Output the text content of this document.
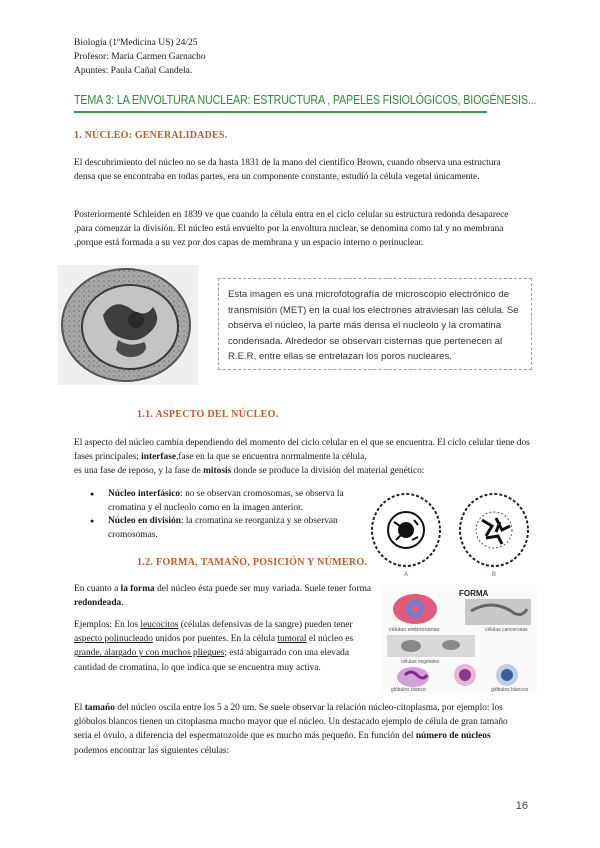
Biología (1ºMedicina US) 24/25
Profesor: María Carmen Garnacho
Apuntes: Paula Cañal Candela.
TEMA 3: LA ENVOLTURA NUCLEAR: ESTRUCTURA , PAPELES FISIOLÓGICOS, BIOGÉNESIS...
1. NÚCLEO: GENERALIDADES.
El descubrimiento del núcleo no se da hasta 1831 de la mano del científico Brown, cuando observa una estructura densa que se encontraba en todas partes, era un componente constante, estudió la célula vegetal únicamente.
Posteriormente Schleiden en 1839 ve que cuando la célula entra en el ciclo celular su estructura redonda desaparece ,para comenzar la división. El núcleo está envuelto por la envoltura nuclear, se denomina como tal y no membrana ,porque está formada a su vez por dos capas de membrana y un espacio interno o perinuclear.
Esta imagen es una microfotografía de microscopio electrónico de transmisión (MET) en la cual los electrones atraviesan las célula. Se observa el núcleo, la parte más densa el nucleolo y la cromatina condensada. Alrededor se observan cisternas que pertenecen al R.E.R, entre ellas se entrelazan los poros nucleares.
1.1. ASPECTO DEL NÚCLEO.
El aspecto del núcleo cambia dependiendo del momento del ciclo celular en el que se encuentra. El ciclo celular tiene dos fases principales; interfase,fase en la que se encuentra normalmente la célula,
es una fase de reposo, y la fase de mitosis donde se produce la división del material genético:
● Núcleo interfásico: no se observan cromosomas, se observa la cromatina y el nucleolo como en la imagen anterior.
● Núcleo en división: la cromatina se reorganiza y se observan cromosomas.
A	B
1.2. FORMA, TAMAÑO, POSICIÓN Y NÚMERO.
En cuanto a la forma del núcleo ésta puede ser muy variada. Suele tener forma redondeada.
Ejemplos: En los leucocitos (células defensivas de la sangre) pueden tener aspecto polinucleado unidos por puentes. En la célula tumoral el núcleo es grande, alargado y con muchos pliegues; está abigarrado con una elevada cantidad de cromatina, lo que indica que se encuentra muy activa.
FORMA
células embrionarias	células cancerosas
células vegetales
glóbulos blanco	glóbulos blancos
El tamaño del núcleo oscila entre los 5 a 20 um. Se suele observar la relación núcleo-citoplasma, por ejemplo: los glóbulos blancos tienen un citoplasma mucho mayor que el núcleo. Un destacado ejemplo de célula de gran tamaño sería el óvulo, a diferencia del espermatozoide que es mucho más pequeño. En función del número de núcleos podemos encontrar las siguientes células:
16
